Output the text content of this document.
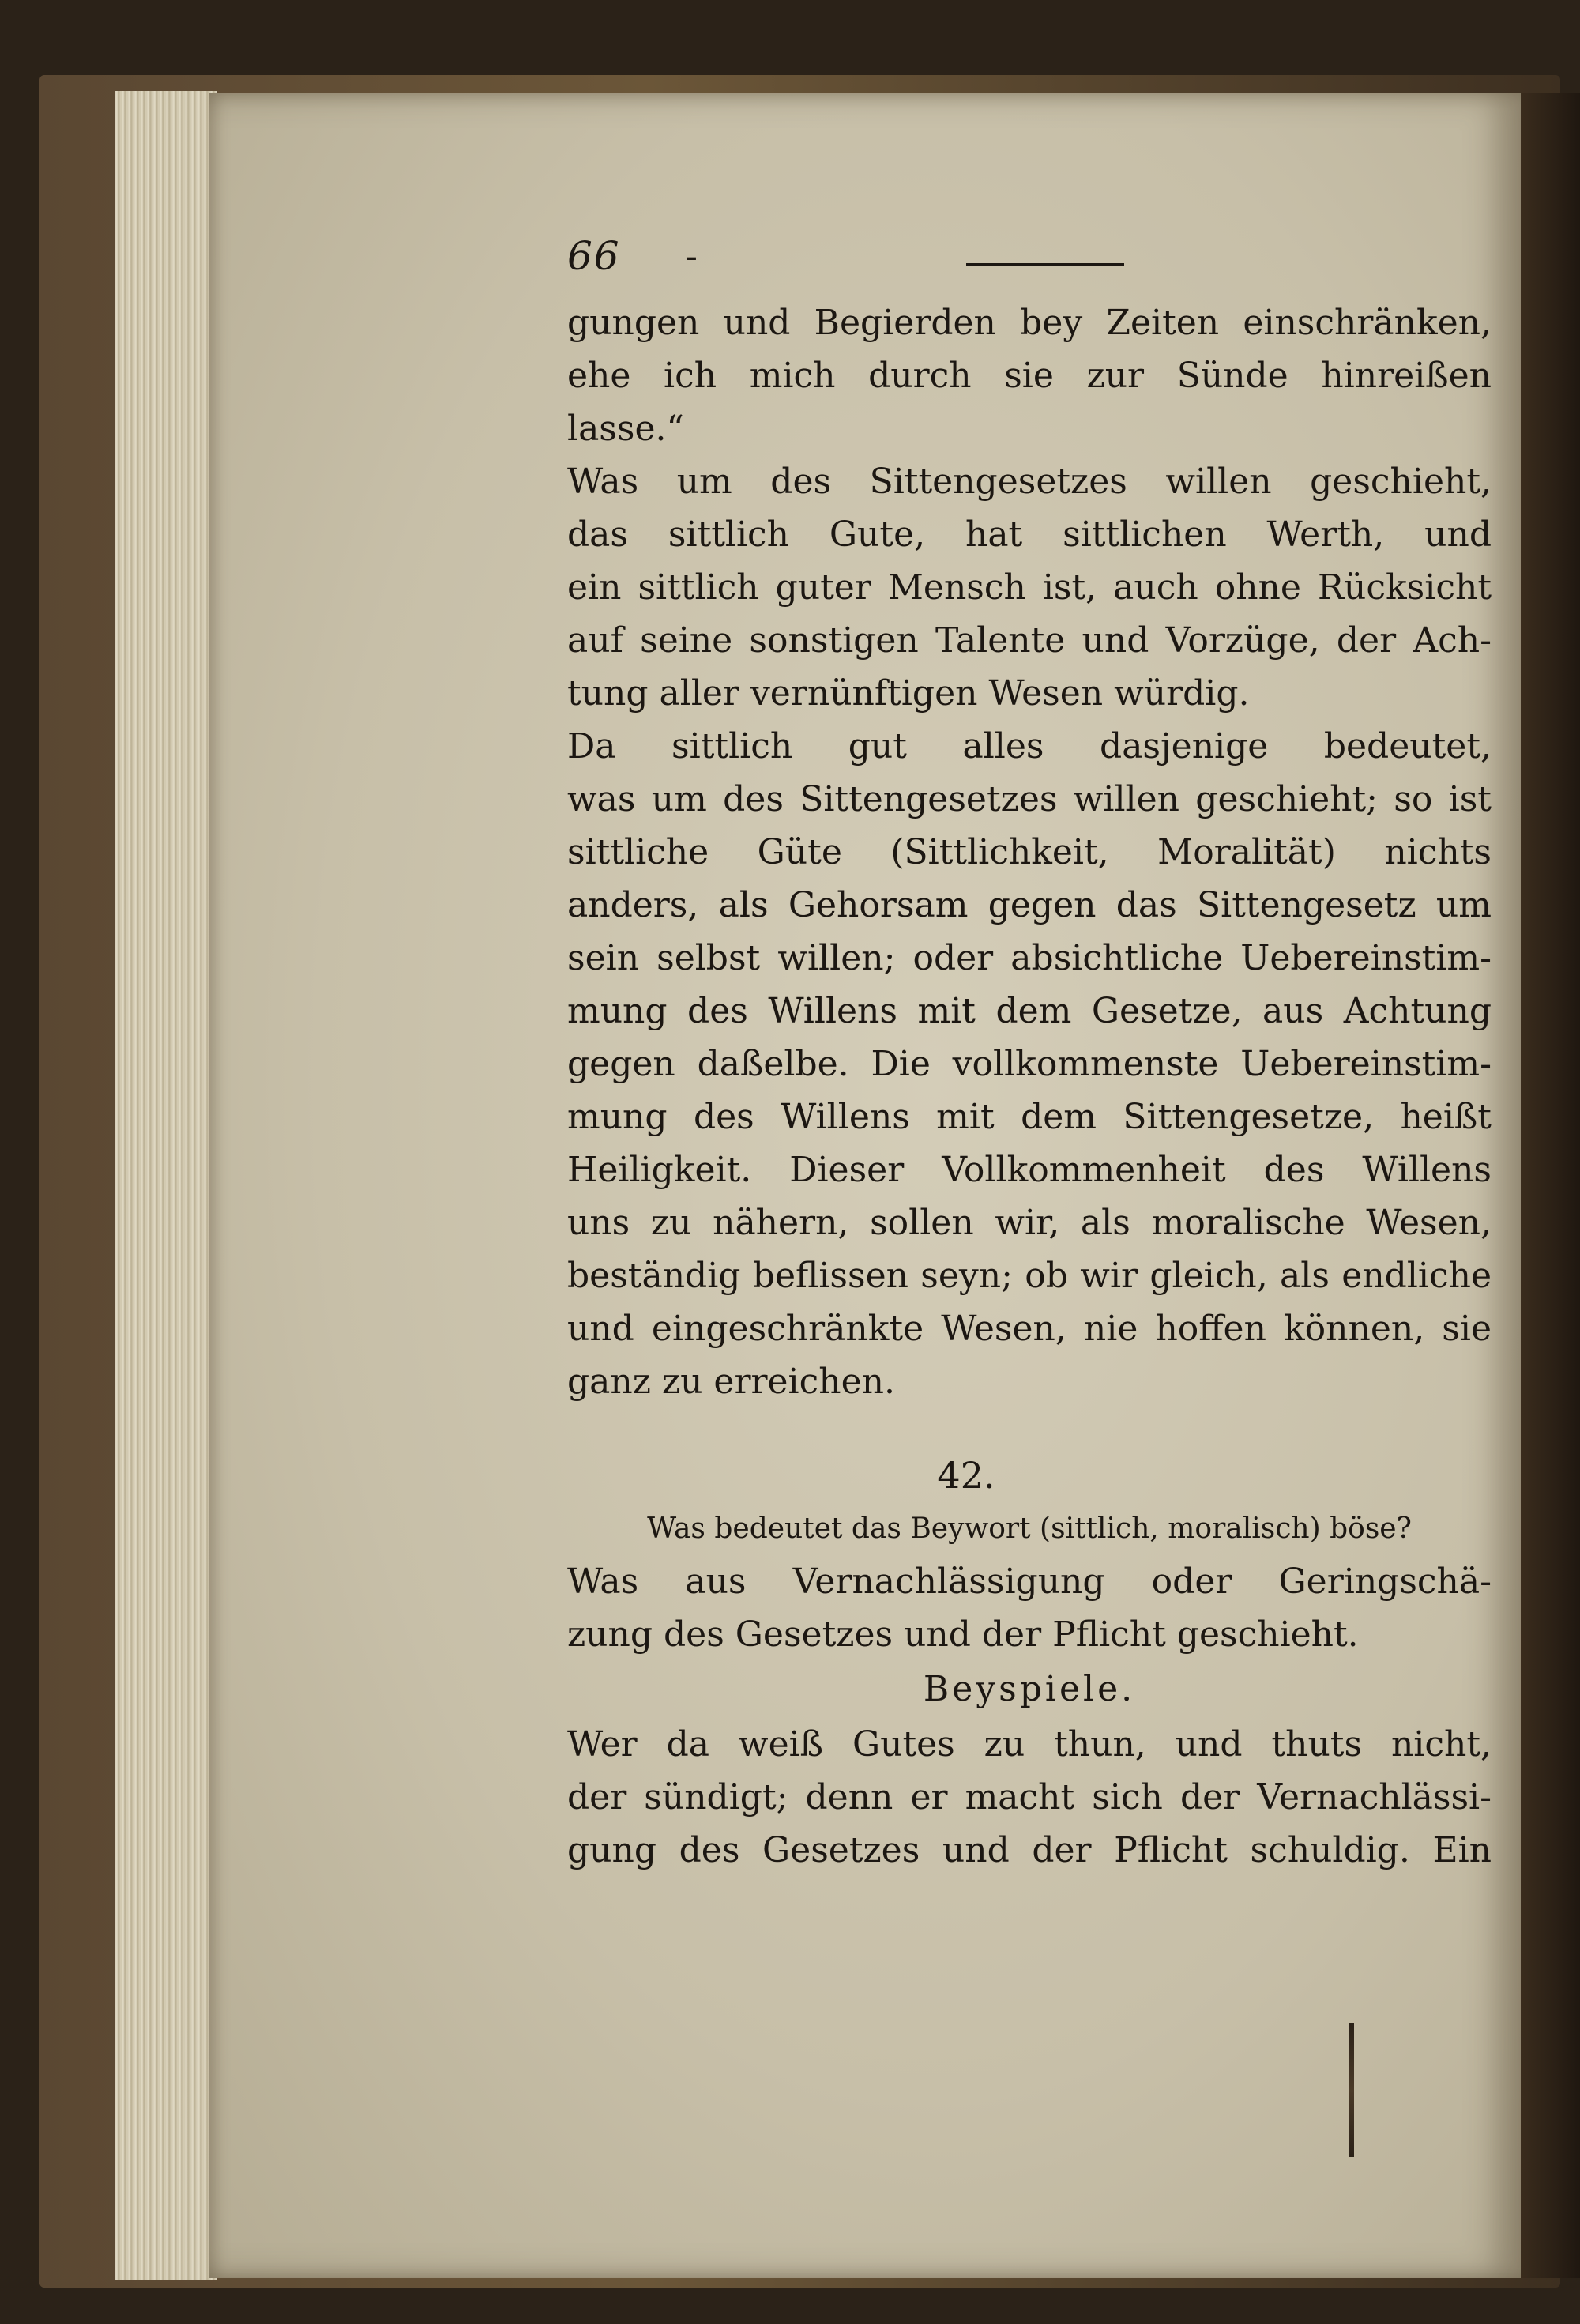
66 -
gungen und Begierden bey Zeiten einschränken,
ehe ich mich durch sie zur Sünde hinreißen
lasse.“
Was um des Sittengesetzes willen geschieht,
das sittlich Gute, hat sittlichen Werth, und
ein sittlich guter Mensch ist, auch ohne Rücksicht
auf seine sonstigen Talente und Vorzüge, der Ach-
tung aller vernünftigen Wesen würdig.
Da sittlich gut alles dasjenige bedeutet,
was um des Sittengesetzes willen geschieht; so ist
sittliche Güte (Sittlichkeit, Moralität) nichts
anders, als Gehorsam gegen das Sittengesetz um
sein selbst willen; oder absichtliche Uebereinstim-
mung des Willens mit dem Gesetze, aus Achtung
gegen daßelbe. Die vollkommenste Uebereinstim-
mung des Willens mit dem Sittengesetze, heißt
Heiligkeit. Dieser Vollkommenheit des Willens
uns zu nähern, sollen wir, als moralische Wesen,
beständig beflissen seyn; ob wir gleich, als endliche
und eingeschränkte Wesen, nie hoffen können, sie
ganz zu erreichen.
42.
Was bedeutet das Beywort (sittlich, moralisch) böse?
Was aus Vernachlässigung oder Geringschä-
zung des Gesetzes und der Pflicht geschieht.
Beyspiele.
Wer da weiß Gutes zu thun, und thuts nicht,
der sündigt; denn er macht sich der Vernachlässi-
gung des Gesetzes und der Pflicht schuldig. Ein
